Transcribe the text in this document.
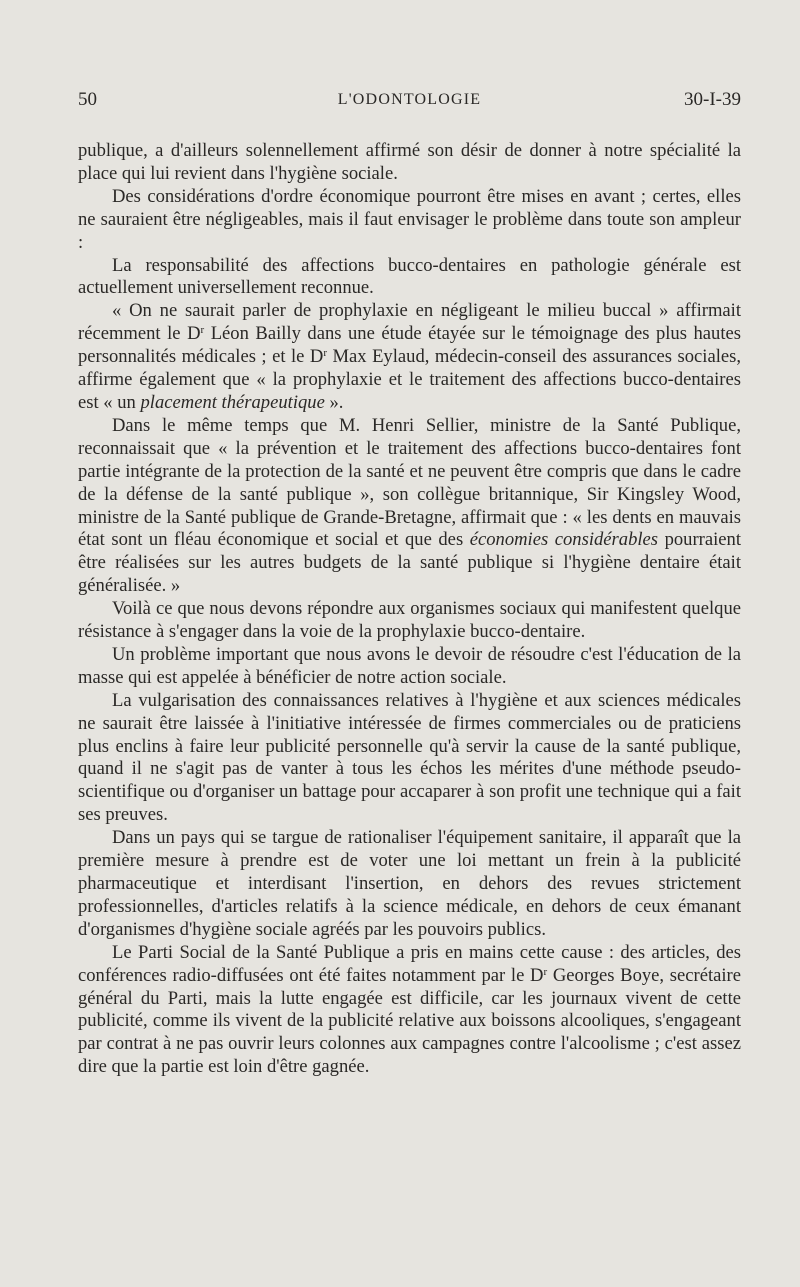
50	L'ODONTOLOGIE	30-I-39

publique, a d'ailleurs solennellement affirmé son désir de donner à notre spécialité la place qui lui revient dans l'hygiène sociale.

Des considérations d'ordre économique pourront être mises en avant ; certes, elles ne sauraient être négligeables, mais il faut envisager le problème dans toute son ampleur :

La responsabilité des affections bucco-dentaires en pathologie générale est actuellement universellement reconnue.

« On ne saurait parler de prophylaxie en négligeant le milieu buccal » affirmait récemment le $D^r$ Léon Bailly dans une étude étayée sur le témoignage des plus hautes personnalités médicales ; et le $D^r$ Max Eylaud, médecin-conseil des assurances sociales, affirme également que « la prophylaxie et le traitement des affections bucco-dentaires est « un placement thérapeutique ».

Dans le même temps que M. Henri Sellier, ministre de la Santé Publique, reconnaissait que « la prévention et le traitement des affections bucco-dentaires font partie intégrante de la protection de la santé et ne peuvent être compris que dans le cadre de la défense de la santé publique », son collègue britannique, Sir Kingsley Wood, ministre de la Santé publique de Grande-Bretagne, affirmait que : « les dents en mauvais état sont un fléau économique et social et que des économies considérables pourraient être réalisées sur les autres budgets de la santé publique si l'hygiène dentaire était généralisée. »

Voilà ce que nous devons répondre aux organismes sociaux qui manifestent quelque résistance à s'engager dans la voie de la prophylaxie bucco-dentaire.

Un problème important que nous avons le devoir de résoudre c'est l'éducation de la masse qui est appelée à bénéficier de notre action sociale.

La vulgarisation des connaissances relatives à l'hygiène et aux sciences médicales ne saurait être laissée à l'initiative intéressée de firmes commerciales ou de praticiens plus enclins à faire leur publicité personnelle qu'à servir la cause de la santé publique, quand il ne s'agit pas de vanter à tous les échos les mérites d'une méthode pseudo-scientifique ou d'organiser un battage pour accaparer à son profit une technique qui a fait ses preuves.

Dans un pays qui se targue de rationaliser l'équipement sanitaire, il apparaît que la première mesure à prendre est de voter une loi mettant un frein à la publicité pharmaceutique et interdisant l'insertion, en dehors des revues strictement professionnelles, d'articles relatifs à la science médicale, en dehors de ceux émanant d'organismes d'hygiène sociale agréés par les pouvoirs publics.

Le Parti Social de la Santé Publique a pris en mains cette cause : des articles, des conférences radio-diffusées ont été faites notamment par le $D^r$ Georges Boye, secrétaire général du Parti, mais la lutte engagée est difficile, car les journaux vivent de cette publicité, comme ils vivent de la publicité relative aux boissons alcooliques, s'engageant par contrat à ne pas ouvrir leurs colonnes aux campagnes contre l'alcoolisme ; c'est assez dire que la partie est loin d'être gagnée.
